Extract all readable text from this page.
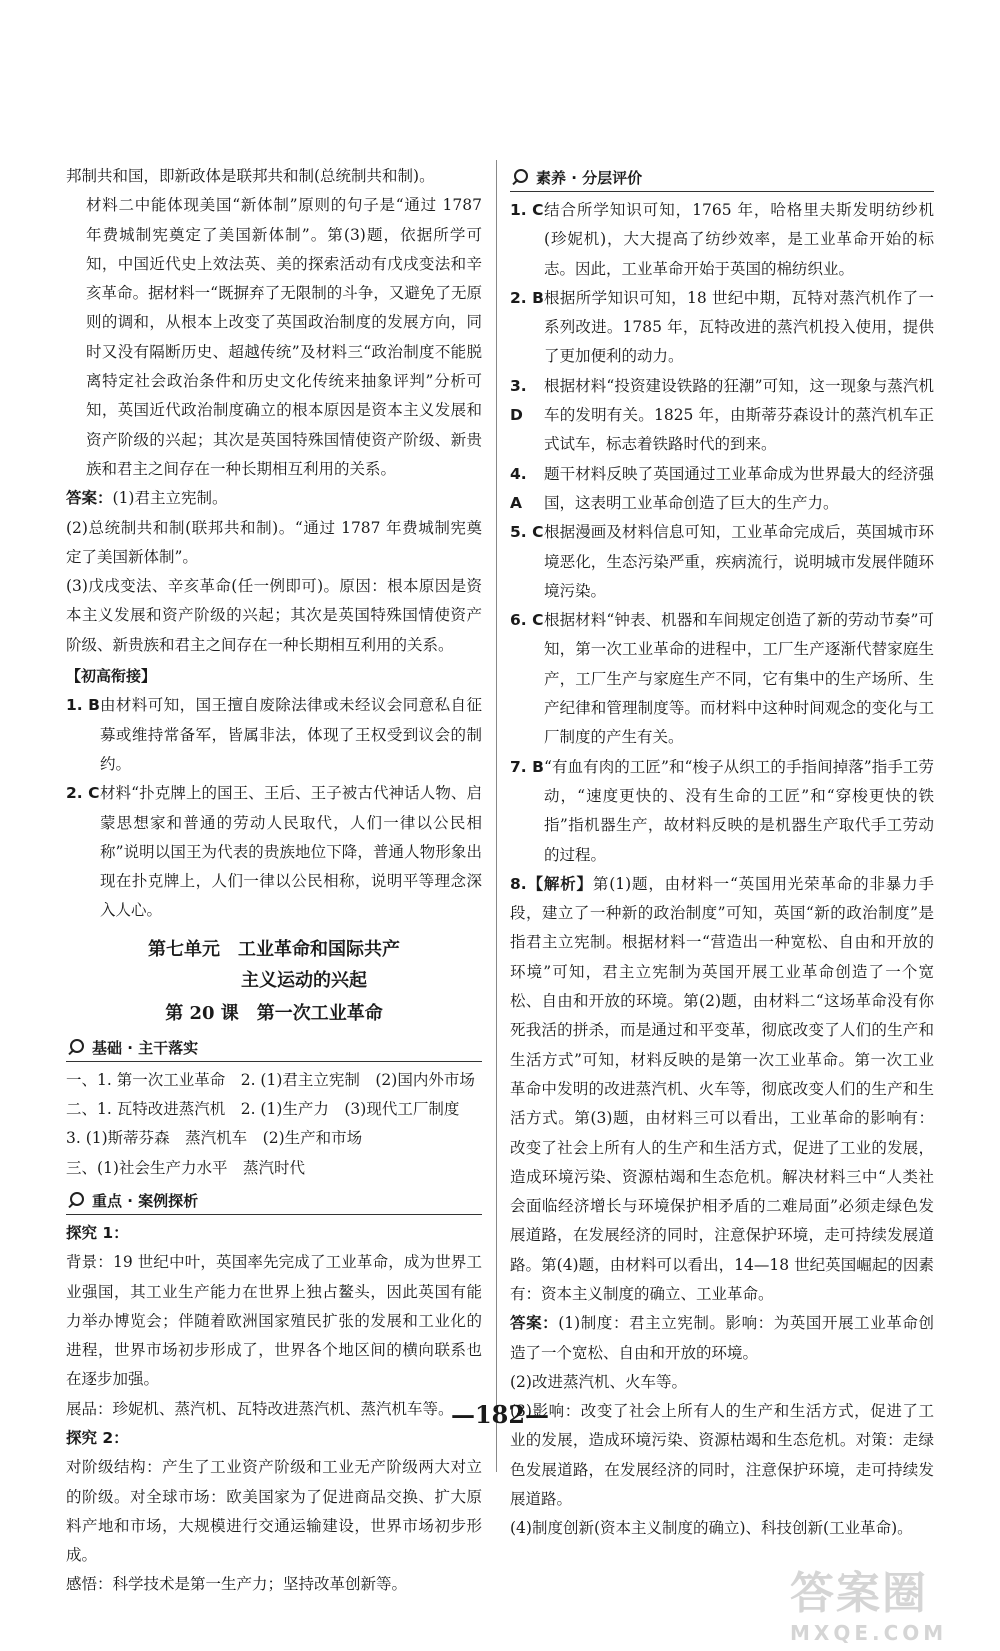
邦制共和国，即新政体是联邦共和制(总统制共和制)。

材料二中能体现美国“新体制”原则的句子是“通过 1787 年费城制宪奠定了美国新体制”。第(3)题，依据所学可知，中国近代史上效法英、美的探索活动有戊戌变法和辛亥革命。据材料一“既摒弃了无限制的斗争，又避免了无原则的调和，从根本上改变了英国政治制度的发展方向，同时又没有隔断历史、超越传统”及材料三“政治制度不能脱离特定社会政治条件和历史文化传统来抽象评判”分析可知，英国近代政治制度确立的根本原因是资本主义发展和资产阶级的兴起；其次是英国特殊国情使资产阶级、新贵族和君主之间存在一种长期相互利用的关系。

答案：(1)君主立宪制。

(2)总统制共和制(联邦共和制)。“通过 1787 年费城制宪奠定了美国新体制”。

(3)戊戌变法、辛亥革命(任一例即可)。原因：根本原因是资本主义发展和资产阶级的兴起；其次是英国特殊国情使资产阶级、新贵族和君主之间存在一种长期相互利用的关系。

【初高衔接】
1. B 由材料可知，国王擅自废除法律或未经议会同意私自征募或维持常备军，皆属非法，体现了王权受到议会的制约。
2. C 材料“扑克牌上的国王、王后、王子被古代神话人物、启蒙思想家和普通的劳动人民取代，人们一律以公民相称”说明以国王为代表的贵族地位下降，普通人物形象出现在扑克牌上，人们一律以公民相称，说明平等理念深入人心。
第七单元　工业革命和国际共产
主义运动的兴起
第 20 课　第一次工业革命
基础 · 主干落实

一、1. 第一次工业革命　2. (1)君主立宪制　(2)国内外市场

二、1. 瓦特改进蒸汽机　2. (1)生产力　(3)现代工厂制度

3. (1)斯蒂芬森　蒸汽机车　(2)生产和市场

三、(1)社会生产力水平　蒸汽时代

重点 · 案例探析

探究 1：

背景：19 世纪中叶，英国率先完成了工业革命，成为世界工业强国，其工业生产能力在世界上独占鳌头，因此英国有能力举办博览会；伴随着欧洲国家殖民扩张的发展和工业化的进程，世界市场初步形成了，世界各个地区间的横向联系也在逐步加强。

展品：珍妮机、蒸汽机、瓦特改进蒸汽机、蒸汽机车等。

探究 2：

对阶级结构：产生了工业资产阶级和工业无产阶级两大对立的阶级。对全球市场：欧美国家为了促进商品交换、扩大原料产地和市场，大规模进行交通运输建设，世界市场初步形成。

感悟：科学技术是第一生产力；坚持改革创新等。

素养 · 分层评价
1. C 结合所学知识可知，1765 年，哈格里夫斯发明纺纱机(珍妮机)，大大提高了纺纱效率，是工业革命开始的标志。因此，工业革命开始于英国的棉纺织业。
2. B 根据所学知识可知，18 世纪中期，瓦特对蒸汽机作了一系列改进。1785 年，瓦特改进的蒸汽机投入使用，提供了更加便利的动力。
3. D
根据材料“投资建设铁路的狂潮”可知，这一现象与蒸汽机车的发明有关。1825 年，由斯蒂芬森设计的蒸汽机车正式试车，标志着铁路时代的到来。
4. A
题干材料反映了英国通过工业革命成为世界最大的经济强国，这表明工业革命创造了巨大的生产力。
5. C 根据漫画及材料信息可知，工业革命完成后，英国城市环境恶化，生态污染严重，疾病流行，说明城市发展伴随环境污染。
6. C 根据材料“钟表、机器和车间规定创造了新的劳动节奏”可知，第一次工业革命的进程中，工厂生产逐渐代替家庭生产，工厂生产与家庭生产不同，它有集中的生产场所、生产纪律和管理制度等。而材料中这种时间观念的变化与工厂制度的产生有关。
7. B “有血有肉的工匠”和“梭子从织工的手指间掉落”指手工劳动，“速度更快的、没有生命的工匠”和“穿梭更快的铁指”指机器生产，故材料反映的是机器生产取代手工劳动的过程。

8.【解析】第(1)题，由材料一“英国用光荣革命的非暴力手段，建立了一种新的政治制度”可知，英国“新的政治制度”是指君主立宪制。根据材料一“营造出一种宽松、自由和开放的环境”可知，君主立宪制为英国开展工业革命创造了一个宽松、自由和开放的环境。第(2)题，由材料二“这场革命没有你死我活的拼杀，而是通过和平变革，彻底改变了人们的生产和生活方式”可知，材料反映的是第一次工业革命。第一次工业革命中发明的改进蒸汽机、火车等，彻底改变人们的生产和生活方式。第(3)题，由材料三可以看出，工业革命的影响有：改变了社会上所有人的生产和生活方式，促进了工业的发展，造成环境污染、资源枯竭和生态危机。解决材料三中“人类社会面临经济增长与环境保护相矛盾的二难局面”必须走绿色发展道路，在发展经济的同时，注意保护环境，走可持续发展道路。第(4)题，由材料可以看出，14—18 世纪英国崛起的因素有：资本主义制度的确立、工业革命。

答案：(1)制度：君主立宪制。影响：为英国开展工业革命创造了一个宽松、自由和开放的环境。

(2)改进蒸汽机、火车等。

(3)影响：改变了社会上所有人的生产和生活方式，促进了工业的发展，造成环境污染、资源枯竭和生态危机。对策：走绿色发展道路，在发展经济的同时，注意保护环境，走可持续发展道路。

(4)制度创新(资本主义制度的确立)、科技创新(工业革命)。

—182—
答案圈
MXQE.COM
